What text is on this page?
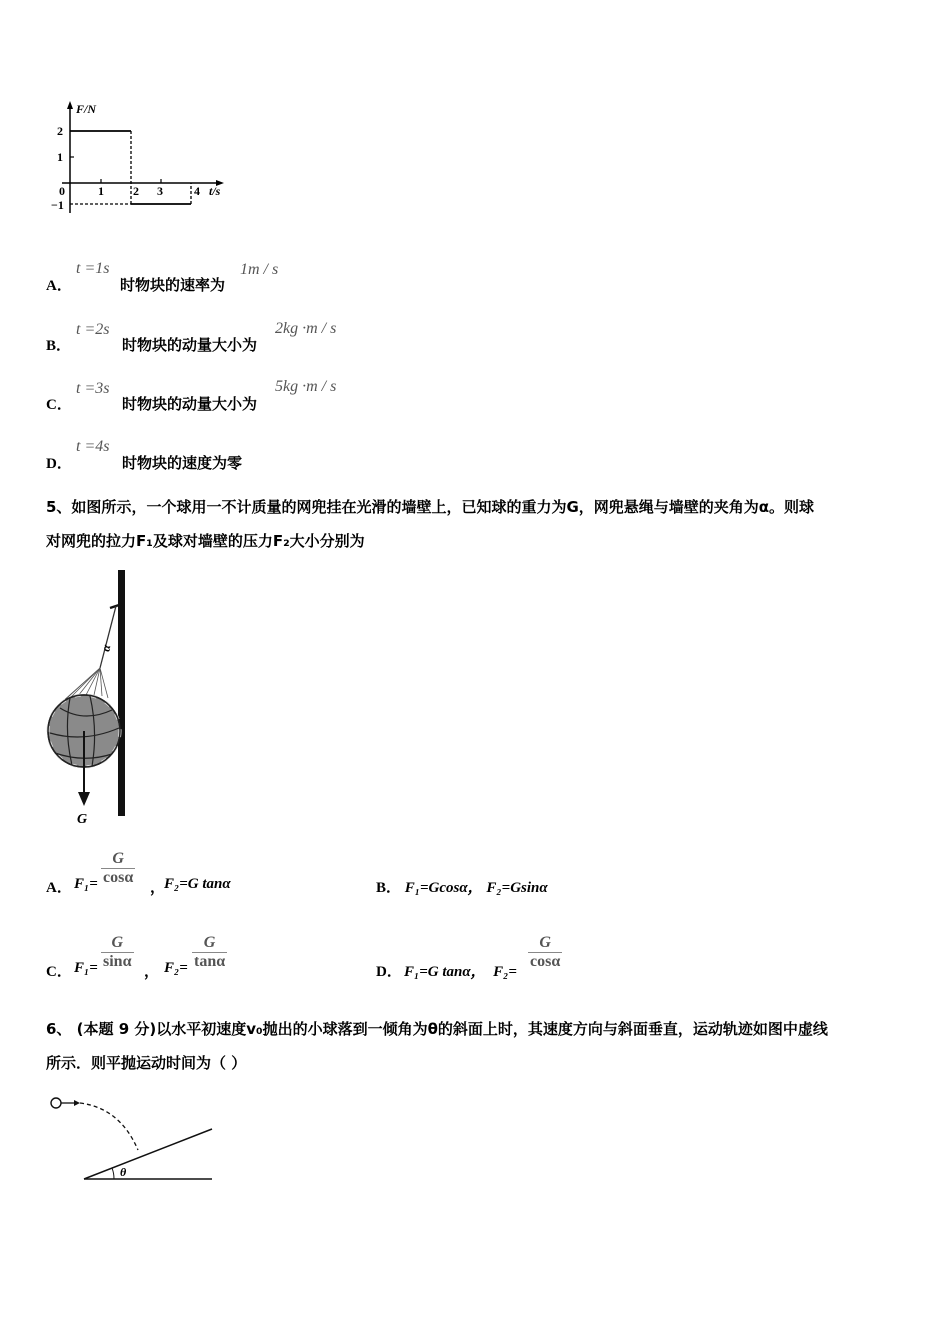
F/N
2
1
0
−1
1 2 3	4 t/s
A．
t =1s
时物块的速率为
1m / s
B．
t =2s
时物块的动量大小为
2kg ·m / s
C．
t =3s
时物块的动量大小为
5kg ·m / s
D．
t =4s
时物块的速度为零
5、如图所示，一个球用一不计质量的网兜挂在光滑的墙壁上，已知球的重力为G，网兜悬绳与墙壁的夹角为α。则球
对网兜的拉力F₁及球对墙壁的压力F₂大小分别为
α
G
A． $F_1= \frac{G}{\cos\alpha}$
，
F₂=G tanα	B． F₁=Gcosα， F₂=Gsinα
C． $F_1= \frac{G}{\sin\alpha}$
， $F_2= \frac{G}{\tan\alpha}$
D． F₁=G tanα，  F₂=
$\frac{G}{\cos\alpha}$
6、 (本题 9 分)以水平初速度v₀抛出的小球落到一倾角为θ的斜面上时，其速度方向与斜面垂直，运动轨迹如图中虚线
所示．则平抛运动时间为（ ）
θ
